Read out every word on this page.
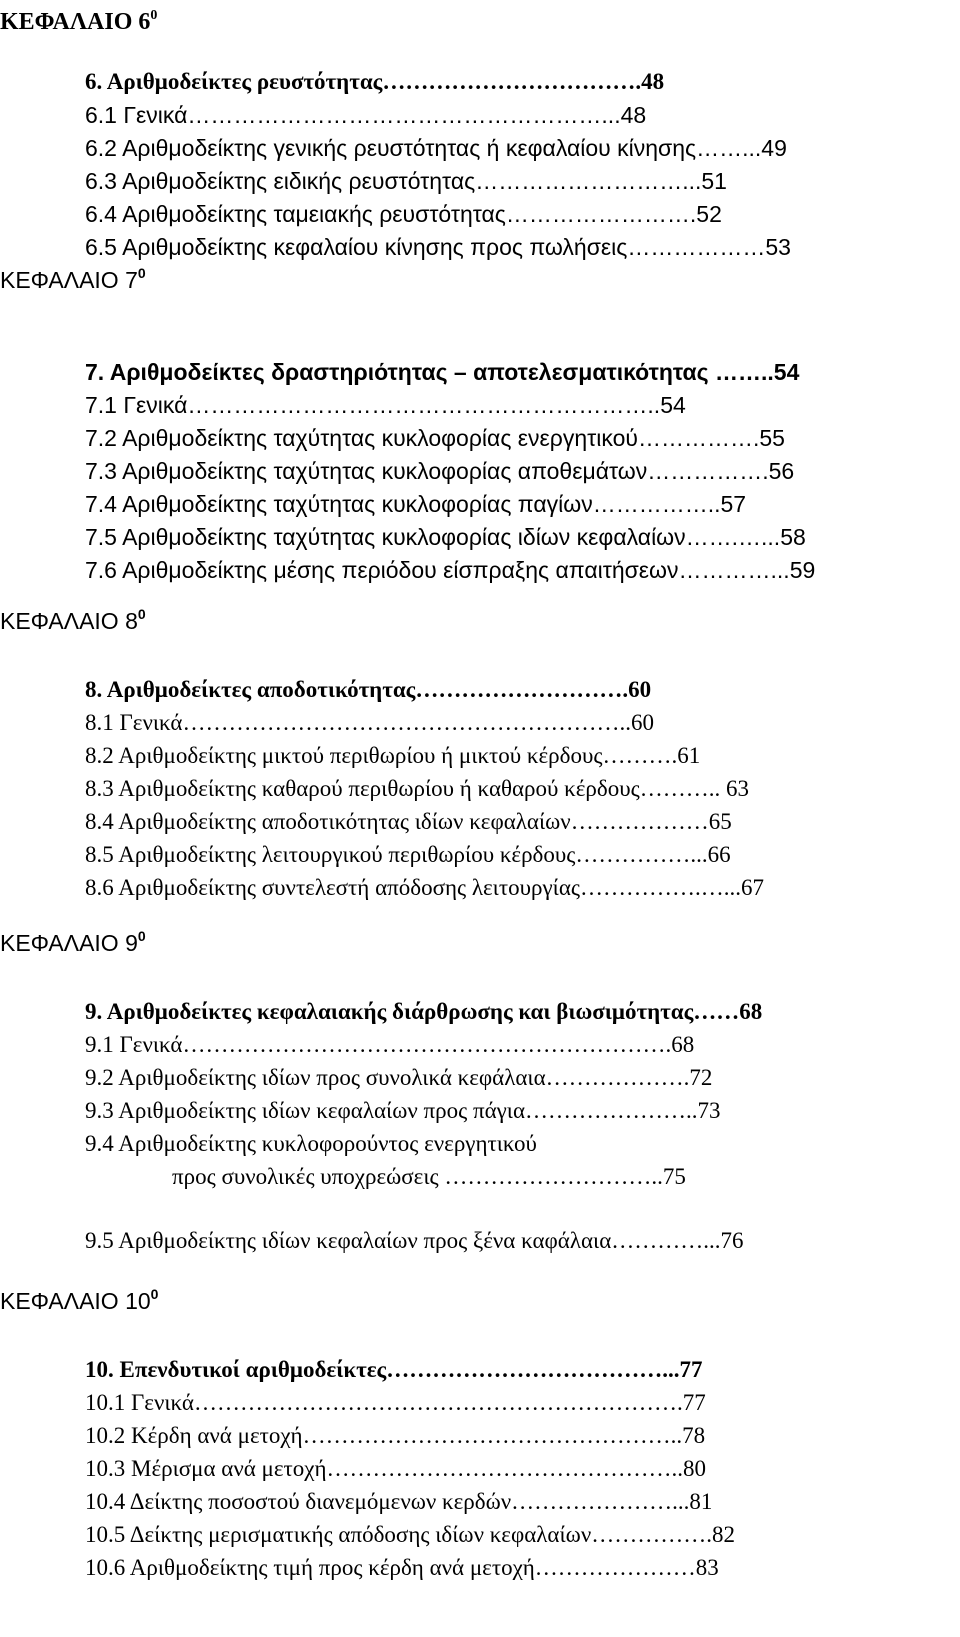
ΚΕΦΑΛΑΙΟ $6^0$
6. Αριθμοδείκτες ρευστότητας…………………………….48
6.1 Γενικά………………………………………………...48
6.2 Αριθμοδείκτης γενικής ρευστότητας ή κεφαλαίου κίνησης……...49
6.3 Αριθμοδείκτης ειδικής ρευστότητας………………………...51
6.4 Αριθμοδείκτης ταμειακής ρευστότητας…………………….52
6.5 Αριθμοδείκτης κεφαλαίου κίνησης προς πωλήσεις………………53
ΚΕΦΑΛΑΙΟ $7^0$
7. Αριθμοδείκτες δραστηριότητας – αποτελεσματικότητας ……..54
7.1 Γενικά……………………………………………………..54
7.2 Αριθμοδείκτης ταχύτητας κυκλοφορίας ενεργητικού…………….55
7.3 Αριθμοδείκτης ταχύτητας κυκλοφορίας αποθεμάτων…………….56
7.4 Αριθμοδείκτης ταχύτητας κυκλοφορίας παγίων……………..57
7.5 Αριθμοδείκτης ταχύτητας κυκλοφορίας ιδίων κεφαλαίων…….…...58
7.6 Αριθμοδείκτης μέσης περιόδου είσπραξης απαιτήσεων…………...59
ΚΕΦΑΛΑΙΟ $8^0$
8. Αριθμοδείκτες αποδοτικότητας……………………….60
8.1 Γενικά…………………………………………………..60
8.2 Αριθμοδείκτης μικτού περιθωρίου ή μικτού κέρδους……….61
8.3 Αριθμοδείκτης καθαρού περιθωρίου ή καθαρού κέρδους……….. 63
8.4 Αριθμοδείκτης αποδοτικότητας ιδίων κεφαλαίων………………65
8.5 Αριθμοδείκτης λειτουργικού περιθωρίου κέρδους……………...66
8.6 Αριθμοδείκτης συντελεστή απόδοσης λειτουργίας…………….…...67
ΚΕΦΑΛΑΙΟ $9^0$
9. Αριθμοδείκτες κεφαλαιακής διάρθρωσης και βιωσιμότητας……68
9.1 Γενικά……………………………………………………….68
9.2 Αριθμοδείκτης ιδίων προς συνολικά κεφάλαια……………….72
9.3 Αριθμοδείκτης ιδίων κεφαλαίων προς πάγια…………………..73
9.4 Αριθμοδείκτης κυκλοφορούντος ενεργητικού
προς συνολικές υποχρεώσεις ………………………..75
9.5 Αριθμοδείκτης ιδίων κεφαλαίων προς ξένα καφάλαια…………...76
ΚΕΦΑΛΑΙΟ $10^0$
10. Επενδυτικοί αριθμοδείκτες………………………………...77
10.1 Γενικά……………………………………………………….77
10.2 Κέρδη ανά μετοχή…………………………………………..78
10.3 Μέρισμα ανά μετοχή………………………………………..80
10.4 Δείκτης ποσοστού διανεμόμενων κερδών…………………...81
10.5 Δείκτης μερισματικής απόδοσης ιδίων κεφαλαίων…………….82
10.6 Αριθμοδείκτης τιμή προς κέρδη ανά μετοχή…………………83
